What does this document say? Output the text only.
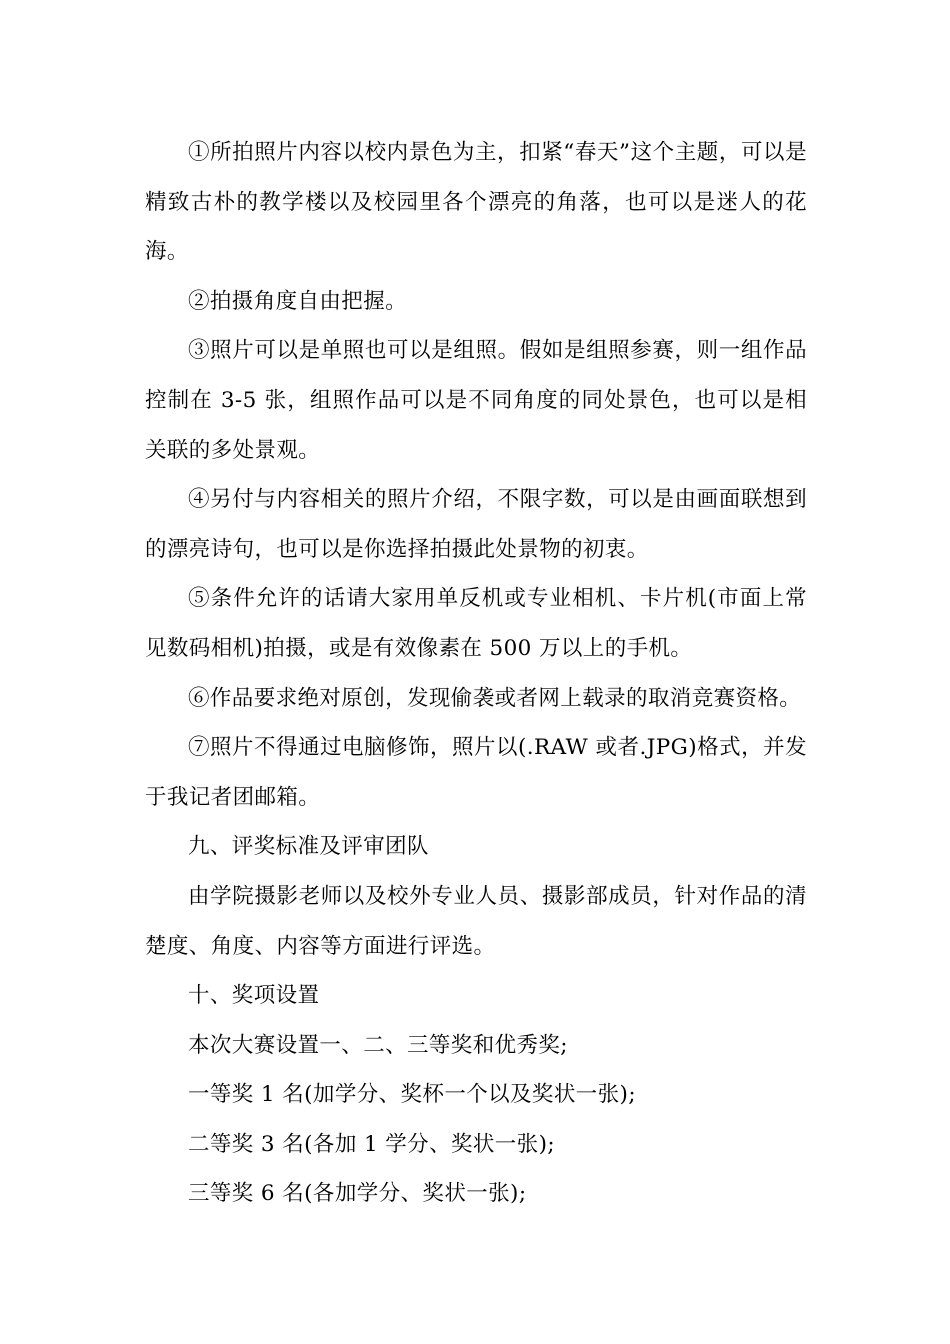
①所拍照片内容以校内景色为主，扣紧“春天”这个主题，可以是精致古朴的教学楼以及校园里各个漂亮的角落，也可以是迷人的花海。

②拍摄角度自由把握。

③照片可以是单照也可以是组照。假如是组照参赛，则一组作品控制在 3-5 张，组照作品可以是不同角度的同处景色，也可以是相关联的多处景观。

④另付与内容相关的照片介绍，不限字数，可以是由画面联想到的漂亮诗句，也可以是你选择拍摄此处景物的初衷。

⑤条件允许的话请大家用单反机或专业相机、卡片机(市面上常见数码相机)拍摄，或是有效像素在 500 万以上的手机。

⑥作品要求绝对原创，发现偷袭或者网上载录的取消竞赛资格。

⑦照片不得通过电脑修饰，照片以(.RAW 或者.JPG)格式，并发于我记者团邮箱。

九、评奖标准及评审团队

由学院摄影老师以及校外专业人员、摄影部成员，针对作品的清楚度、角度、内容等方面进行评选。

十、奖项设置

本次大赛设置一、二、三等奖和优秀奖;

一等奖 1 名(加学分、奖杯一个以及奖状一张);

二等奖 3 名(各加 1 学分、奖状一张);

三等奖 6 名(各加学分、奖状一张);
